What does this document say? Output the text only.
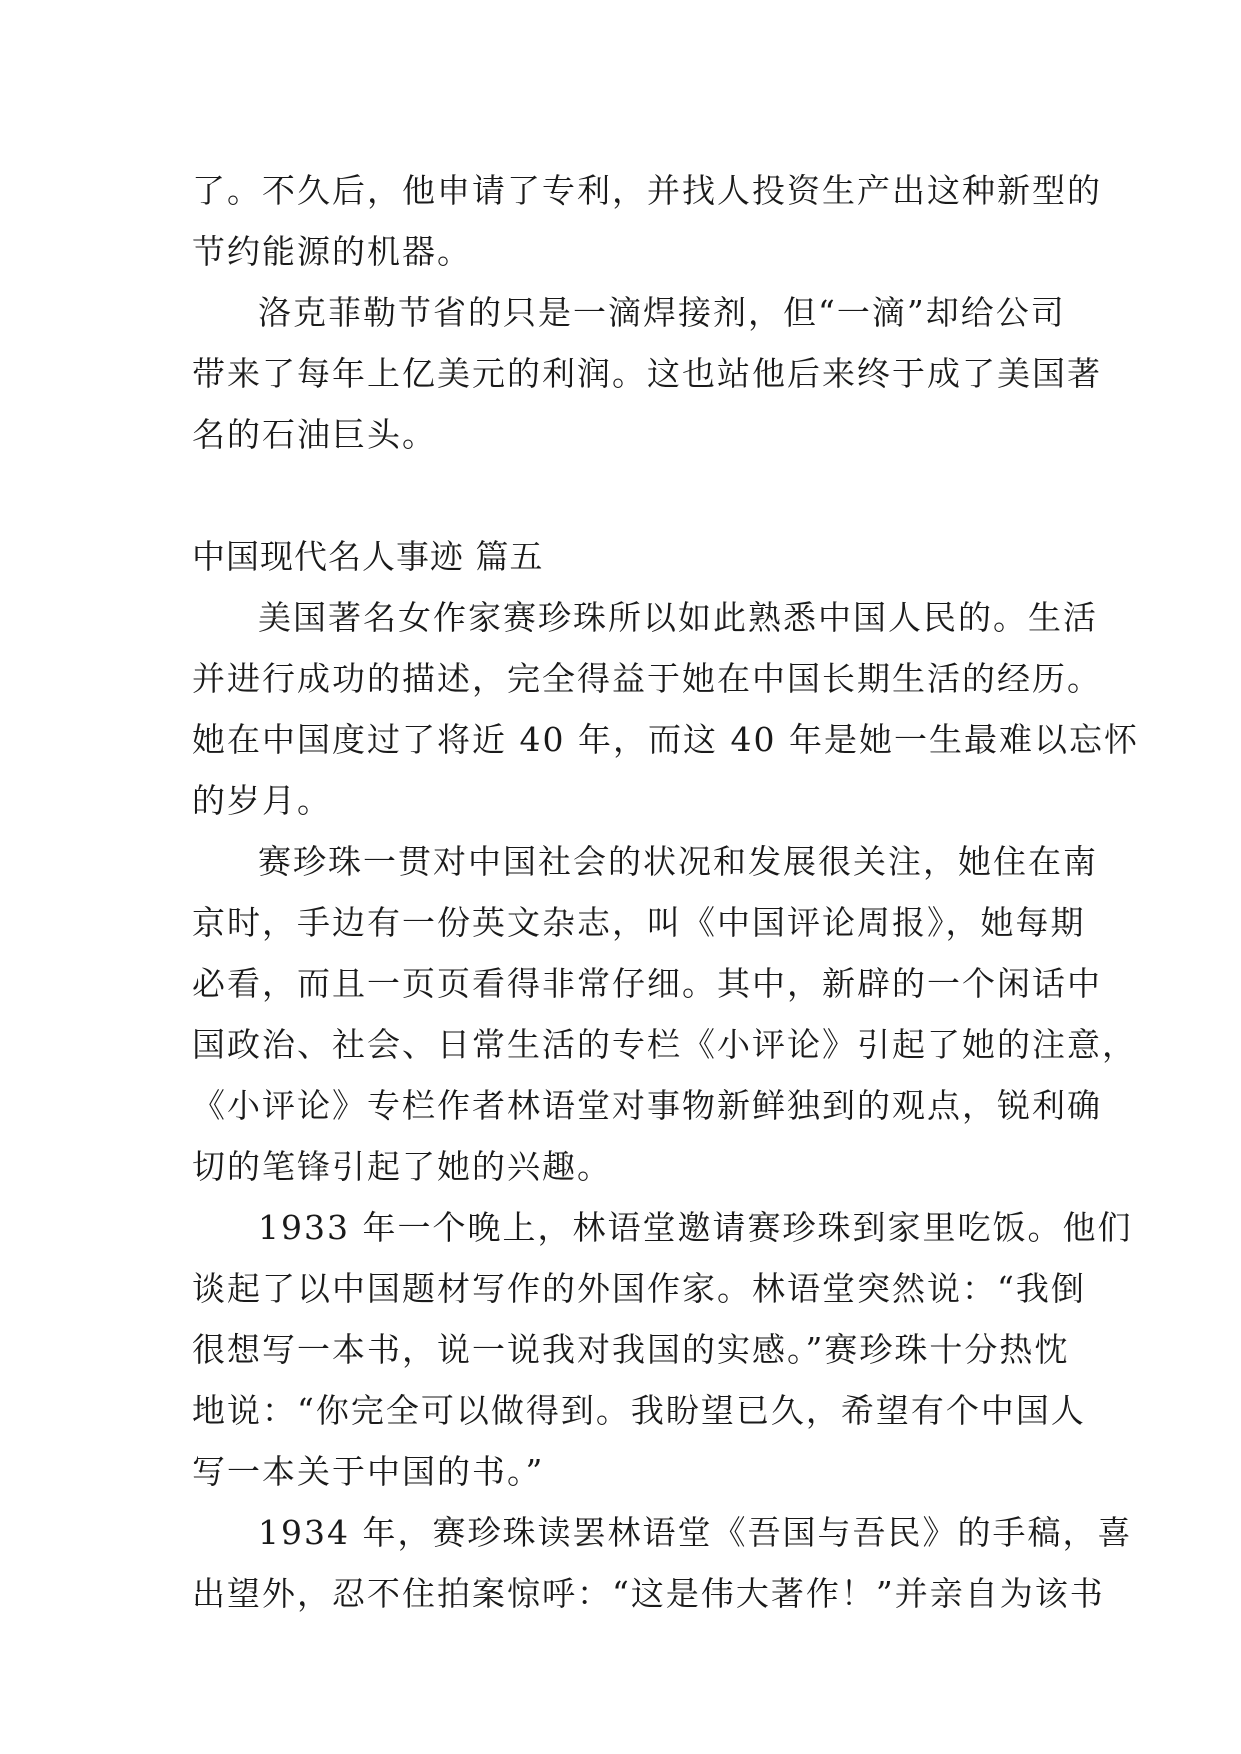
了。不久后，他申请了专利，并找人投资生产出这种新型的
节约能源的机器。
洛克菲勒节省的只是一滴焊接剂，但“一滴”却给公司
带来了每年上亿美元的利润。这也站他后来终于成了美国著
名的石油巨头。
中国现代名人事迹 篇五
美国著名女作家赛珍珠所以如此熟悉中国人民的。生活
并进行成功的描述，完全得益于她在中国长期生活的经历。
她在中国度过了将近 40 年，而这 40 年是她一生最难以忘怀
的岁月。
赛珍珠一贯对中国社会的状况和发展很关注，她住在南
京时，手边有一份英文杂志，叫《中国评论周报》，她每期
必看，而且一页页看得非常仔细。其中，新辟的一个闲话中
国政治、社会、日常生活的专栏《小评论》引起了她的注意，
《小评论》专栏作者林语堂对事物新鲜独到的观点，锐利确
切的笔锋引起了她的兴趣。
1933 年一个晚上，林语堂邀请赛珍珠到家里吃饭。他们
谈起了以中国题材写作的外国作家。林语堂突然说：“我倒
很想写一本书，说一说我对我国的实感。”赛珍珠十分热忱
地说：“你完全可以做得到。我盼望已久，希望有个中国人
写一本关于中国的书。”
1934 年，赛珍珠读罢林语堂《吾国与吾民》的手稿，喜
出望外，忍不住拍案惊呼：“这是伟大著作！”并亲自为该书
